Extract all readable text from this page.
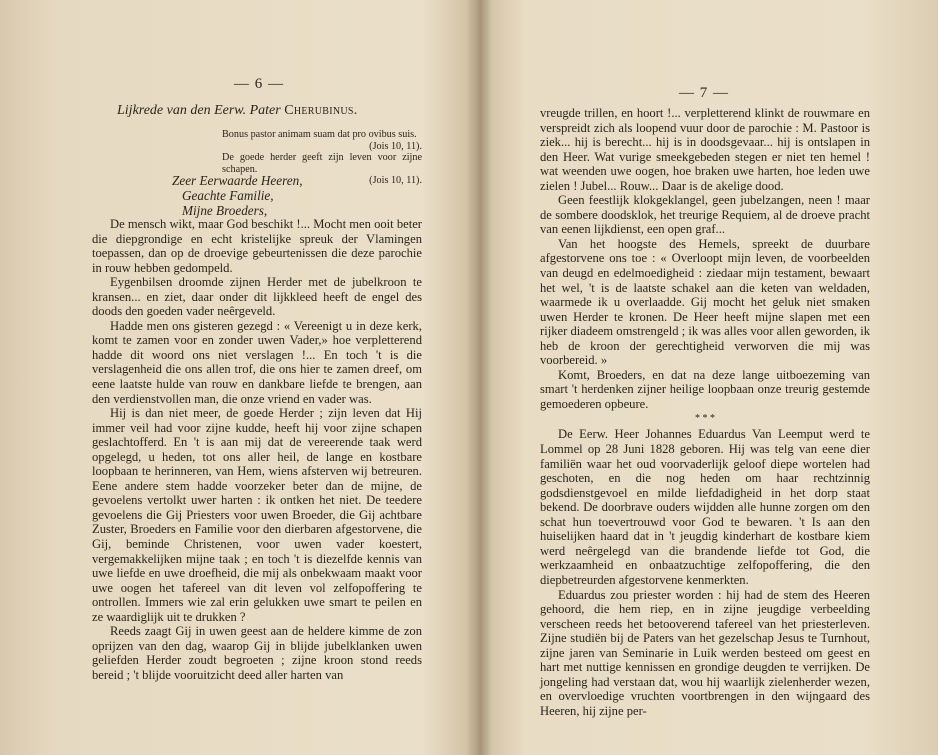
— 6 —
Lijkrede van den Eerw. Pater Cherubinus.
Bonus pastor animam suam dat pro ovibus suis.
(Jois 10, 11).
De goede herder geeft zijn leven voor zijne schapen.
(Jois 10, 11).
Zeer Eerwaarde Heeren,
Geachte Familie,
Mijne Broeders,

De mensch wikt, maar God beschikt !... Mocht men ooit beter die diepgrondige en echt kristelijke spreuk der Vlamingen toepassen, dan op de droevige gebeurtenissen die deze parochie in rouw hebben gedompeld.

Eygenbilsen droomde zijnen Herder met de jubelkroon te kransen... en ziet, daar onder dit lijkkleed heeft de engel des doods den goeden vader neêrgeveld.

Hadde men ons gisteren gezegd : « Vereenigt u in deze kerk, komt te zamen voor en zonder uwen Vader,» hoe verpletterend hadde dit woord ons niet verslagen !... En toch 't is die verslagenheid die ons allen trof, die ons hier te zamen dreef, om eene laatste hulde van rouw en dankbare liefde te brengen, aan den verdienstvollen man, die onze vriend en vader was.

Hij is dan niet meer, de goede Herder ; zijn leven dat Hij immer veil had voor zijne kudde, heeft hij voor zijne schapen geslachtofferd. En 't is aan mij dat de vereerende taak werd opgelegd, u heden, tot ons aller heil, de lange en kostbare loopbaan te herinneren, van Hem, wiens afsterven wij betreuren. Eene andere stem hadde voorzeker beter dan de mijne, de gevoelens vertolkt uwer harten : ik ontken het niet. De teedere gevoelens die Gij Priesters voor uwen Broeder, die Gij achtbare Zuster, Broeders en Familie voor den dierbaren afgestorvene, die Gij, beminde Christenen, voor uwen vader koestert, vergemakkelijken mijne taak ; en toch 't is diezelfde kennis van uwe liefde en uwe droefheid, die mij als onbekwaam maakt voor uwe oogen het tafereel van dit leven vol zelfopoffering te ontrollen. Immers wie zal erin gelukken uwe smart te peilen en ze waardiglijk uit te drukken ?

Reeds zaagt Gij in uwen geest aan de heldere kimme de zon oprijzen van den dag, waarop Gij in blijde jubelklanken uwen geliefden Herder zoudt begroeten ; zijne kroon stond reeds bereid ; 't blijde vooruitzicht deed aller harten van

— 7 —

vreugde trillen, en hoort !... verpletterend klinkt de rouwmare en verspreidt zich als loopend vuur door de parochie : M. Pastoor is ziek... hij is berecht... hij is in doodsgevaar... hij is ontslapen in den Heer. Wat vurige smeekgebeden stegen er niet ten hemel ! wat weenden uwe oogen, hoe braken uwe harten, hoe leden uwe zielen ! Jubel... Rouw... Daar is de akelige dood.

Geen feestlijk klokgeklangel, geen jubelzangen, neen ! maar de sombere doodsklok, het treurige Requiem, al de droeve pracht van eenen lijkdienst, een open graf...

Van het hoogste des Hemels, spreekt de duurbare afgestorvene ons toe : « Overloopt mijn leven, de voorbeelden van deugd en edelmoedigheid : ziedaar mijn testament, bewaart het wel, 't is de laatste schakel aan die keten van weldaden, waarmede ik u overlaadde. Gij mocht het geluk niet smaken uwen Herder te kronen. De Heer heeft mijne slapen met een rijker diadeem omstrengeld ; ik was alles voor allen geworden, ik heb de kroon der gerechtigheid verworven die mij was voorbereid. »

Komt, Broeders, en dat na deze lange uitboezeming van smart 't herdenken zijner heilige loopbaan onze treurig gestemde gemoederen opbeure.

* * *

De Eerw. Heer Johannes Eduardus Van Leemput werd te Lommel op 28 Juni 1828 geboren. Hij was telg van eene dier familiën waar het oud voorvaderlijk geloof diepe wortelen had geschoten, en die nog heden om haar rechtzinnig godsdienstgevoel en milde liefdadigheid in het dorp staat bekend. De doorbrave ouders wijdden alle hunne zorgen om den schat hun toevertrouwd voor God te bewaren. 't Is aan den huiselijken haard dat in 't jeugdig kinderhart de kostbare kiem werd neêrgelegd van die brandende liefde tot God, die werkzaamheid en onbaatzuchtige zelfopoffering, die den diepbetreurden afgestorvene kenmerkten.

Eduardus zou priester worden : hij had de stem des Heeren gehoord, die hem riep, en in zijne jeugdige verbeelding verscheen reeds het betooverend tafereel van het priesterleven. Zijne studiën bij de Paters van het gezelschap Jesus te Turnhout, zijne jaren van Seminarie in Luik werden besteed om geest en hart met nuttige kennissen en grondige deugden te verrijken. De jongeling had verstaan dat, wou hij waarlijk zielenherder wezen, en overvloedige vruchten voortbrengen in den wijngaard des Heeren, hij zijne per-
